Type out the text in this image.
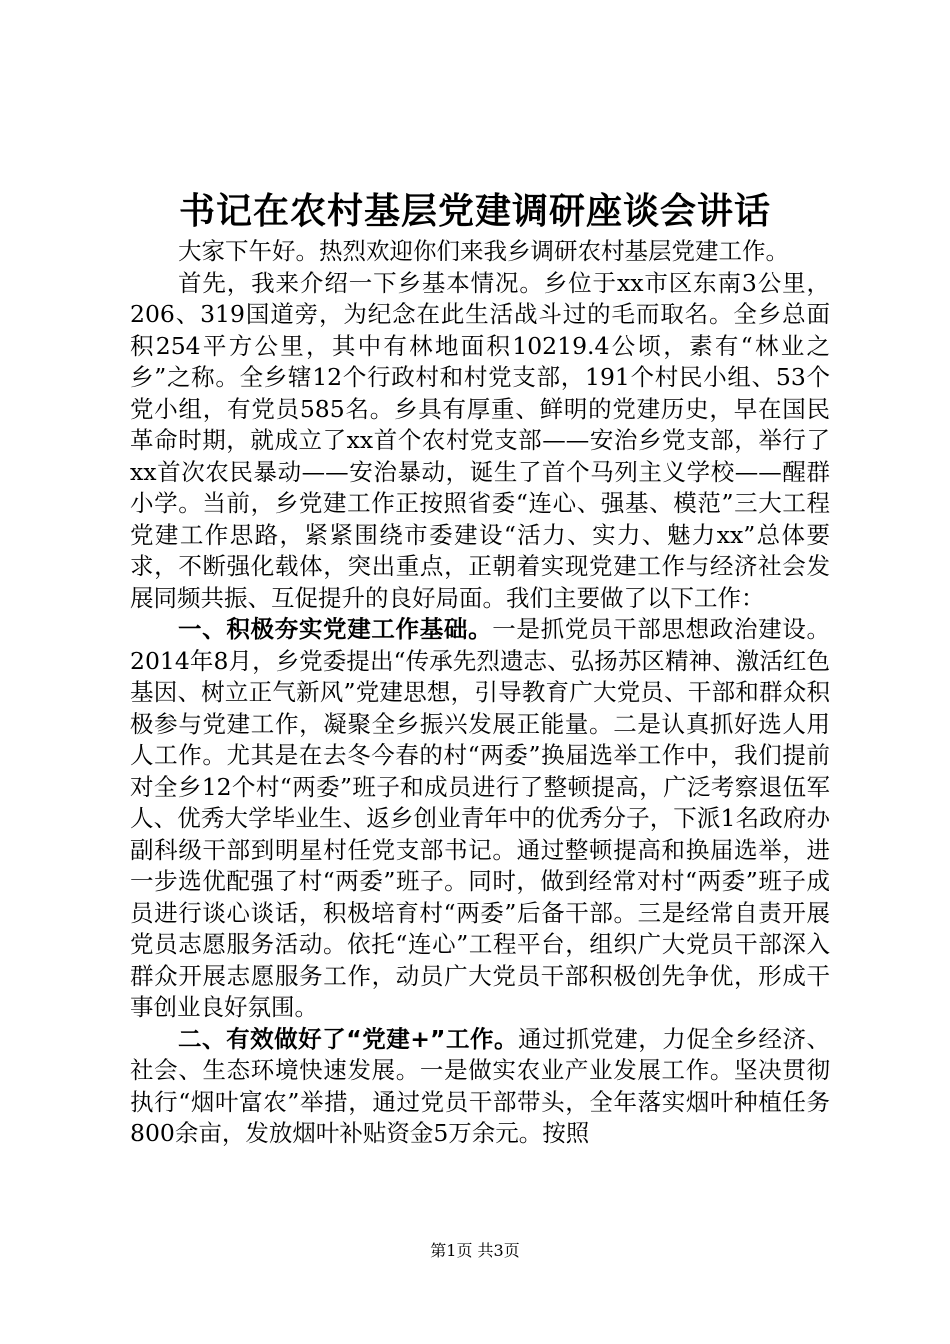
书记在农村基层党建调研座谈会讲话

大家下午好。热烈欢迎你们来我乡调研农村基层党建工作。

首先，我来介绍一下乡基本情况。乡位于xx市区东南3公里，206、319国道旁，为纪念在此生活战斗过的毛而取名。全乡总面积254平方公里，其中有林地面积10219.4公顷，素有“林业之乡”之称。全乡辖12个行政村和村党支部，191个村民小组、53个党小组，有党员585名。乡具有厚重、鲜明的党建历史，早在国民革命时期，就成立了xx首个农村党支部——安治乡党支部，举行了xx首次农民暴动——安治暴动，诞生了首个马列主义学校——醒群小学。当前，乡党建工作正按照省委“连心、强基、模范”三大工程党建工作思路，紧紧围绕市委建设“活力、实力、魅力xx”总体要求，不断强化载体，突出重点，正朝着实现党建工作与经济社会发展同频共振、互促提升的良好局面。我们主要做了以下工作：

一、积极夯实党建工作基础。一是抓党员干部思想政治建设。2014年8月，乡党委提出“传承先烈遗志、弘扬苏区精神、激活红色基因、树立正气新风”党建思想，引导教育广大党员、干部和群众积极参与党建工作，凝聚全乡振兴发展正能量。二是认真抓好选人用人工作。尤其是在去冬今春的村“两委”换届选举工作中，我们提前对全乡12个村“两委”班子和成员进行了整顿提高，广泛考察退伍军人、优秀大学毕业生、返乡创业青年中的优秀分子，下派1名政府办副科级干部到明星村任党支部书记。通过整顿提高和换届选举，进一步选优配强了村“两委”班子。同时，做到经常对村“两委”班子成员进行谈心谈话，积极培育村“两委”后备干部。三是经常自责开展党员志愿服务活动。依托“连心”工程平台，组织广大党员干部深入群众开展志愿服务工作，动员广大党员干部积极创先争优，形成干事创业良好氛围。

二、有效做好了“党建+”工作。通过抓党建，力促全乡经济、社会、生态环境快速发展。一是做实农业产业发展工作。坚决贯彻执行“烟叶富农”举措，通过党员干部带头，全年落实烟叶种植任务800余亩，发放烟叶补贴资金5万余元。按照

第1页 共3页
